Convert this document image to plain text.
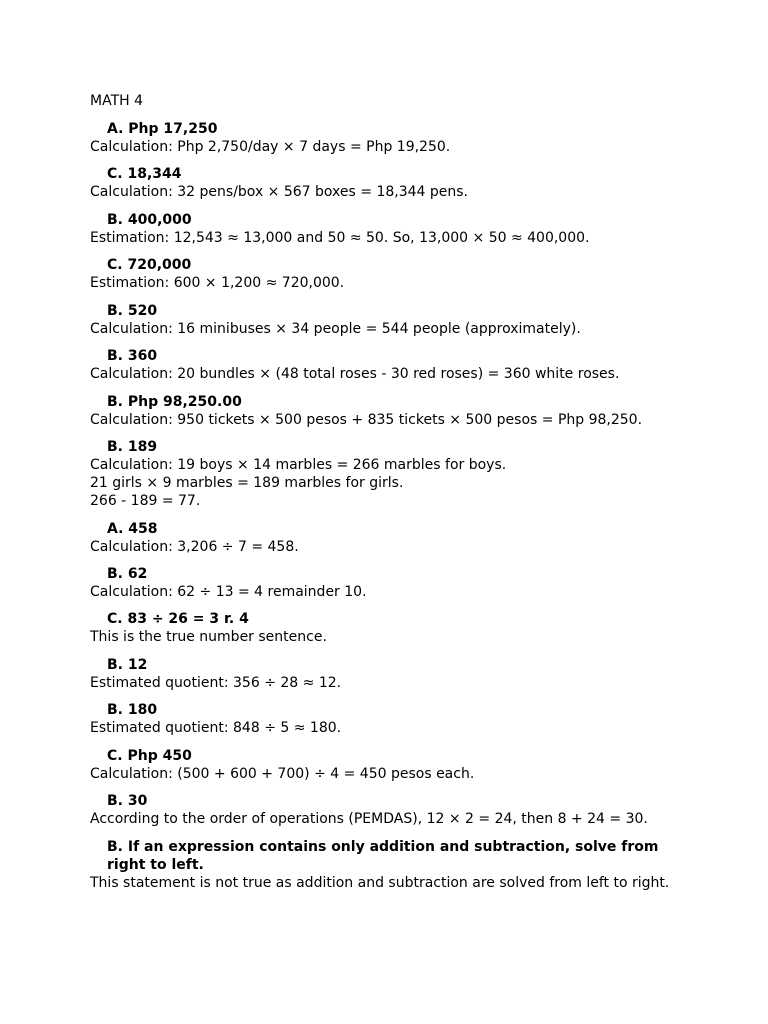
MATH 4
A. Php 17,250
Calculation: Php 2,750/day × 7 days = Php 19,250.
C. 18,344
Calculation: 32 pens/box × 567 boxes = 18,344 pens.
B. 400,000
Estimation: 12,543 ≈ 13,000 and 50 ≈ 50. So, 13,000 × 50 ≈ 400,000.
C. 720,000
Estimation: 600 × 1,200 ≈ 720,000.
B. 520
Calculation: 16 minibuses × 34 people = 544 people (approximately).
B. 360
Calculation: 20 bundles × (48 total roses - 30 red roses) = 360 white roses.
B. Php 98,250.00
Calculation: 950 tickets × 500 pesos + 835 tickets × 500 pesos = Php 98,250.
B. 189
Calculation: 19 boys × 14 marbles = 266 marbles for boys.
21 girls × 9 marbles = 189 marbles for girls.
266 - 189 = 77.
A. 458
Calculation: 3,206 ÷ 7 = 458.
B. 62
Calculation: 62 ÷ 13 = 4 remainder 10.
C. 83 ÷ 26 = 3 r. 4
This is the true number sentence.
B. 12
Estimated quotient: 356 ÷ 28 ≈ 12.
B. 180
Estimated quotient: 848 ÷ 5 ≈ 180.
C. Php 450
Calculation: (500 + 600 + 700) ÷ 4 = 450 pesos each.
B. 30
According to the order of operations (PEMDAS), 12 × 2 = 24, then 8 + 24 = 30.
B. If an expression contains only addition and subtraction, solve from right to left.
This statement is not true as addition and subtraction are solved from left to right.
